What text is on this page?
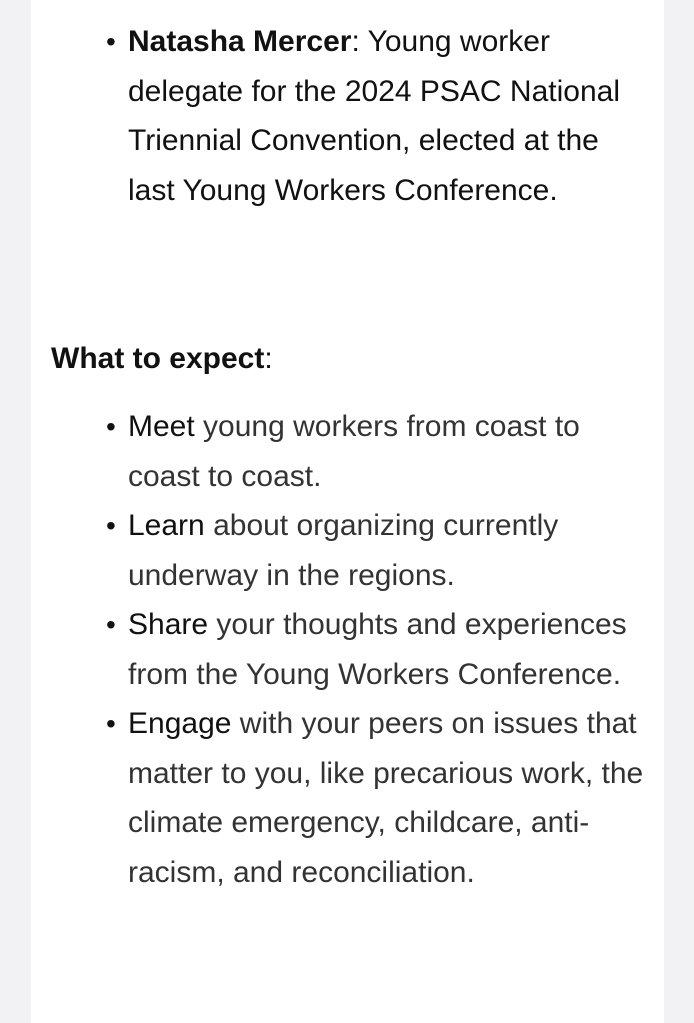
• Natasha Mercer: Young worker delegate for the 2024 PSAC National Triennial Convention, elected at the last Young Workers Conference.
What to expect:
• Meet young workers from coast to coast to coast.
• Learn about organizing currently underway in the regions.
• Share your thoughts and experiences from the Young Workers Conference.
• Engage with your peers on issues that matter to you, like precarious work, the climate emergency, childcare, anti-racism, and reconciliation.
